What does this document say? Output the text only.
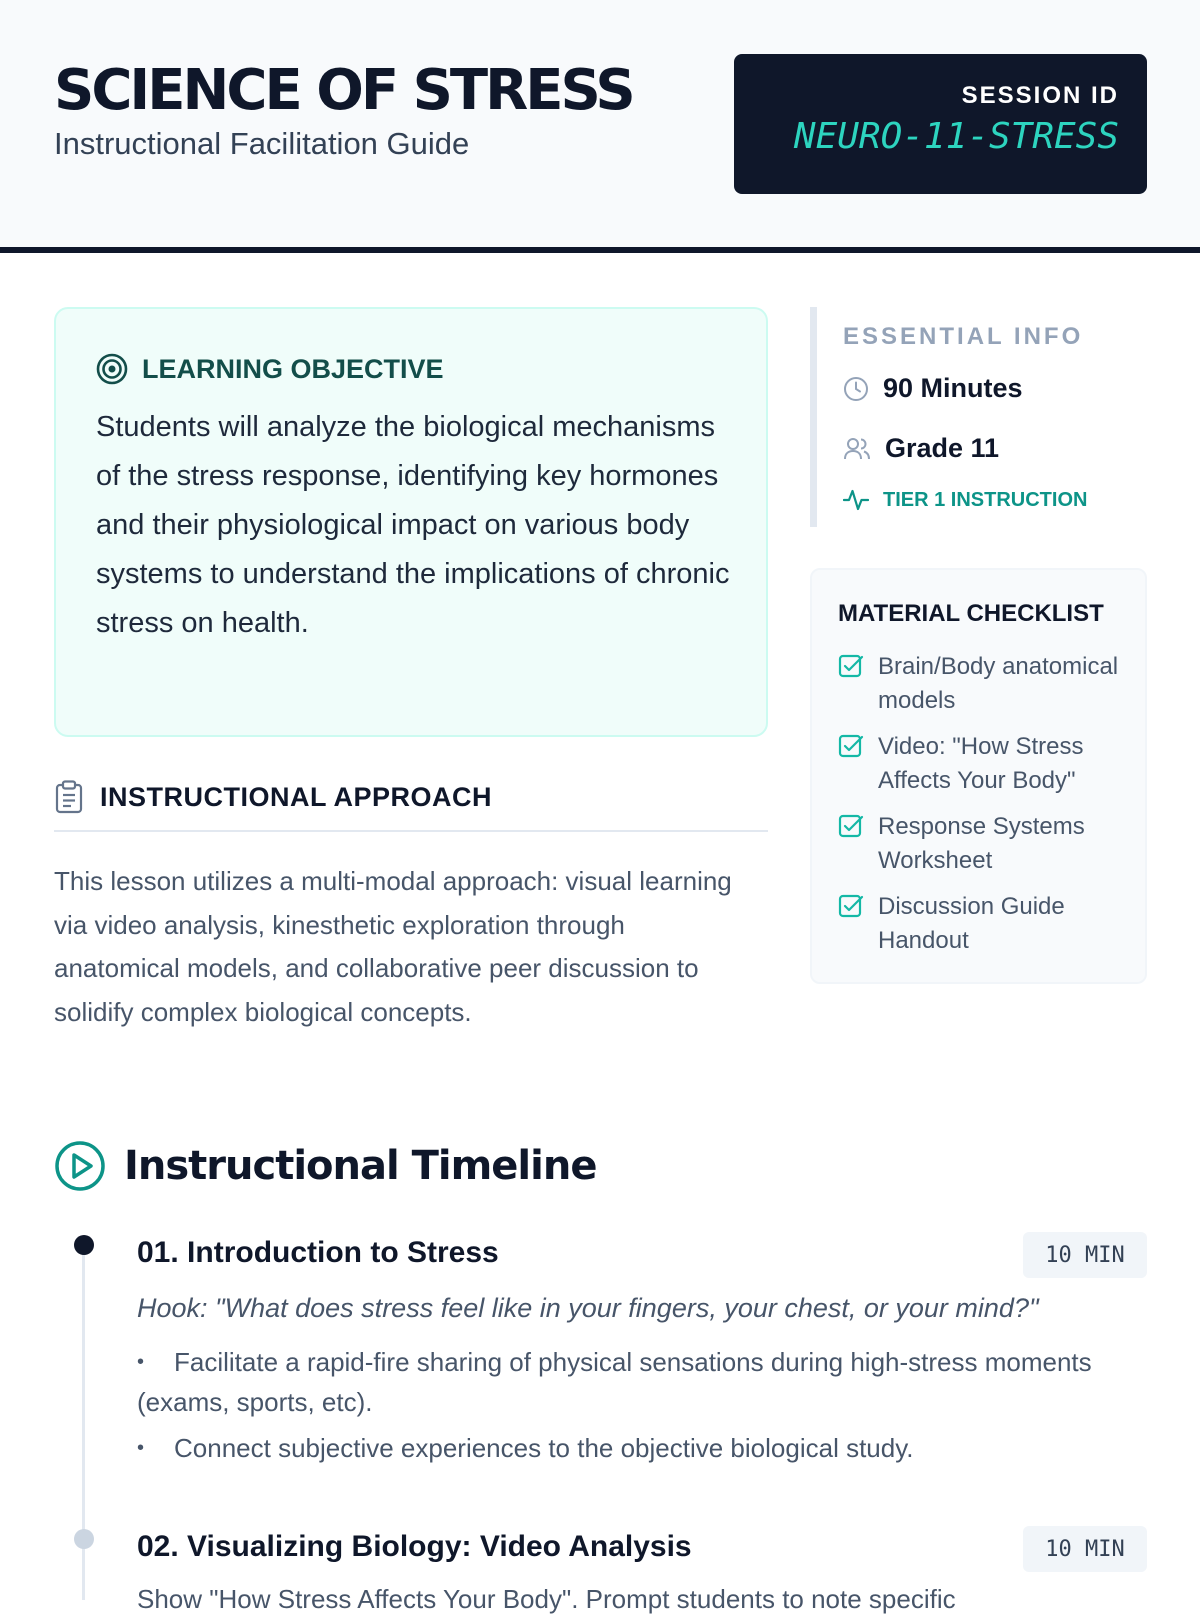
SCIENCE OF STRESS
Instructional Facilitation Guide
SESSION ID
NEURO-11-STRESS
LEARNING OBJECTIVE
Students will analyze the biological mechanisms of the stress response, identifying key hormones and their physiological impact on various body systems to understand the implications of chronic stress on health.
INSTRUCTIONAL APPROACH
This lesson utilizes a multi-modal approach: visual learning via video analysis, kinesthetic exploration through anatomical models, and collaborative peer discussion to solidify complex biological concepts.
ESSENTIAL INFO
90 Minutes
Grade 11
TIER 1 INSTRUCTION
MATERIAL CHECKLIST
Brain/Body anatomical models
Video: "How Stress Affects Your Body"
Response Systems Worksheet
Discussion Guide Handout
Instructional Timeline
01. Introduction to Stress	10 MIN
Hook: "What does stress feel like in your fingers, your chest, or your mind?"
• Facilitate a rapid-fire sharing of physical sensations during high-stress moments (exams, sports, etc).
• Connect subjective experiences to the objective biological study.
02. Visualizing Biology: Video Analysis	10 MIN
Show "How Stress Affects Your Body". Prompt students to note specific
